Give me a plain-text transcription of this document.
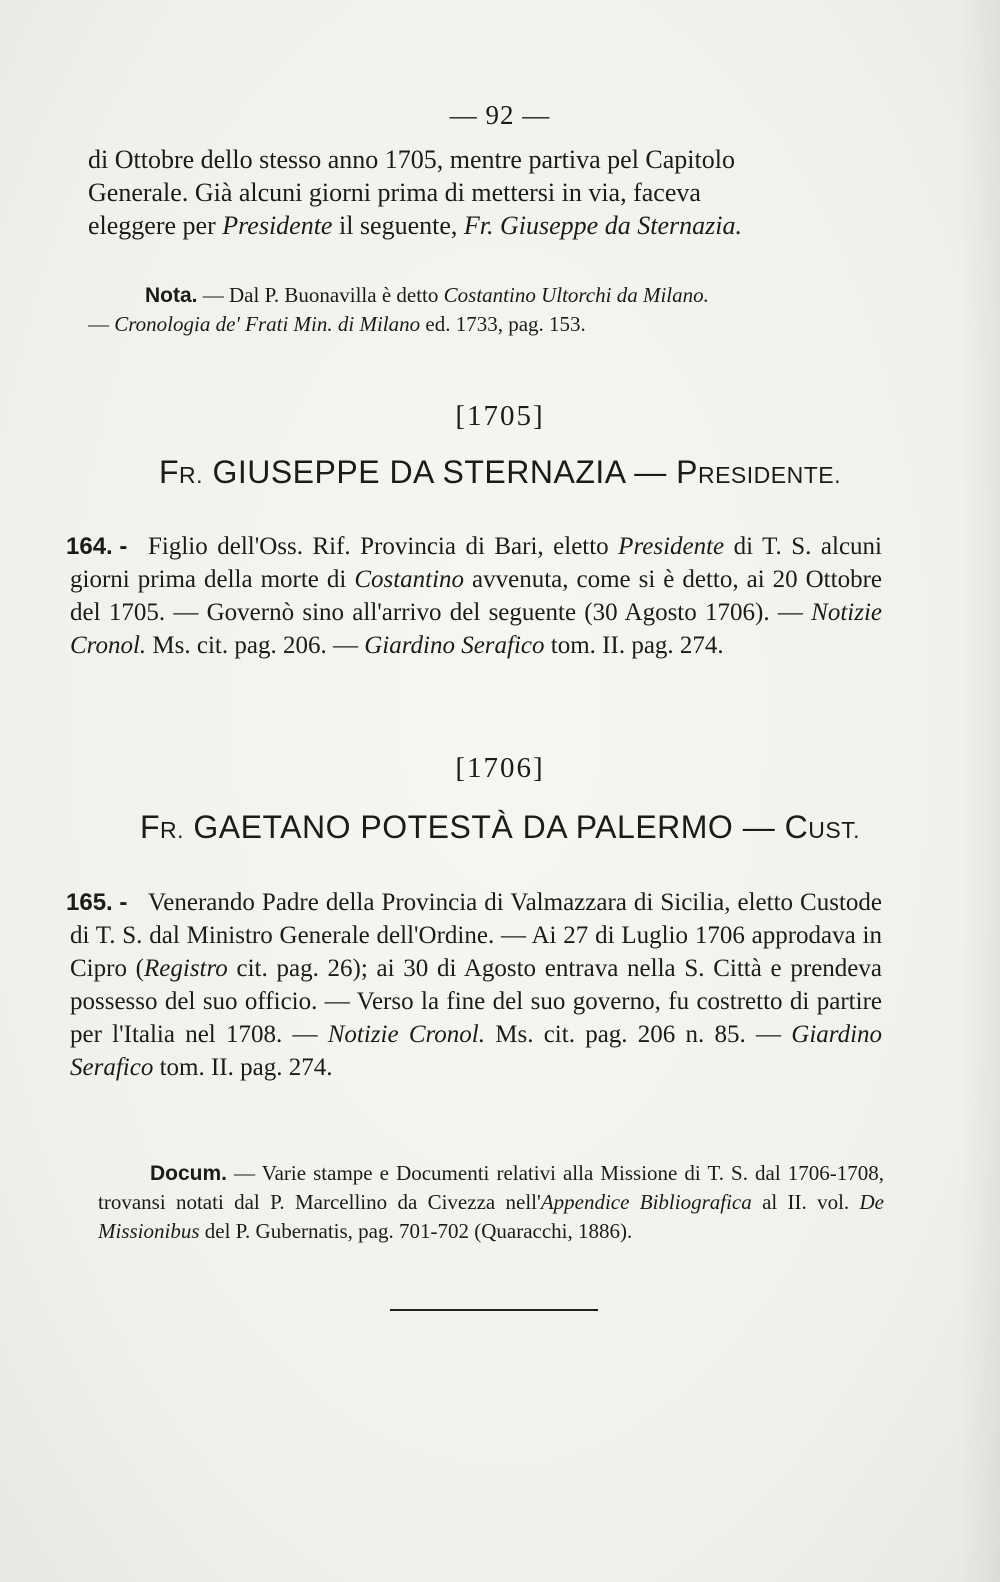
— 92 —

di Ottobre dello stesso anno 1705, mentre partiva pel Capitolo

Generale. Già alcuni giorni prima di mettersi in via, faceva

eleggere per Presidente il seguente, Fr. Giuseppe da Sternazia.

Nota. — Dal P. Buonavilla è detto Costantino Ultorchi da Milano.
— Cronologia de' Frati Min. di Milano ed. 1733, pag. 153.
[1705]
FR. GIUSEPPE DA STERNAZIA — PRESIDENTE.
164. - Figlio dell'Oss. Rif. Provincia di Bari, eletto Presidente di T. S. alcuni giorni prima della morte di Costantino avvenuta, come si è detto, ai 20 Ottobre del 1705. — Governò sino all'arrivo del seguente (30 Agosto 1706). — Notizie Cronol. Ms. cit. pag. 206. — Giardino Serafico tom. II. pag. 274.
[1706]
FR. GAETANO POTESTÀ DA PALERMO — CUST.
165. - Venerando Padre della Provincia di Valmazzara di Sicilia, eletto Custode di T. S. dal Ministro Generale dell'Ordine. — Ai 27 di Luglio 1706 approdava in Cipro (Registro cit. pag. 26); ai 30 di Agosto entrava nella S. Città e prendeva possesso del suo officio. — Verso la fine del suo governo, fu costretto di partire per l'Italia nel 1708. — Notizie Cronol. Ms. cit. pag. 206 n. 85. — Giardino Serafico tom. II. pag. 274.
Docum. — Varie stampe e Documenti relativi alla Missione di T. S. dal 1706-1708, trovansi notati dal P. Marcellino da Civezza nell'Appendice Bibliografica al II. vol. De Missionibus del P. Gubernatis, pag. 701-702 (Quaracchi, 1886).
